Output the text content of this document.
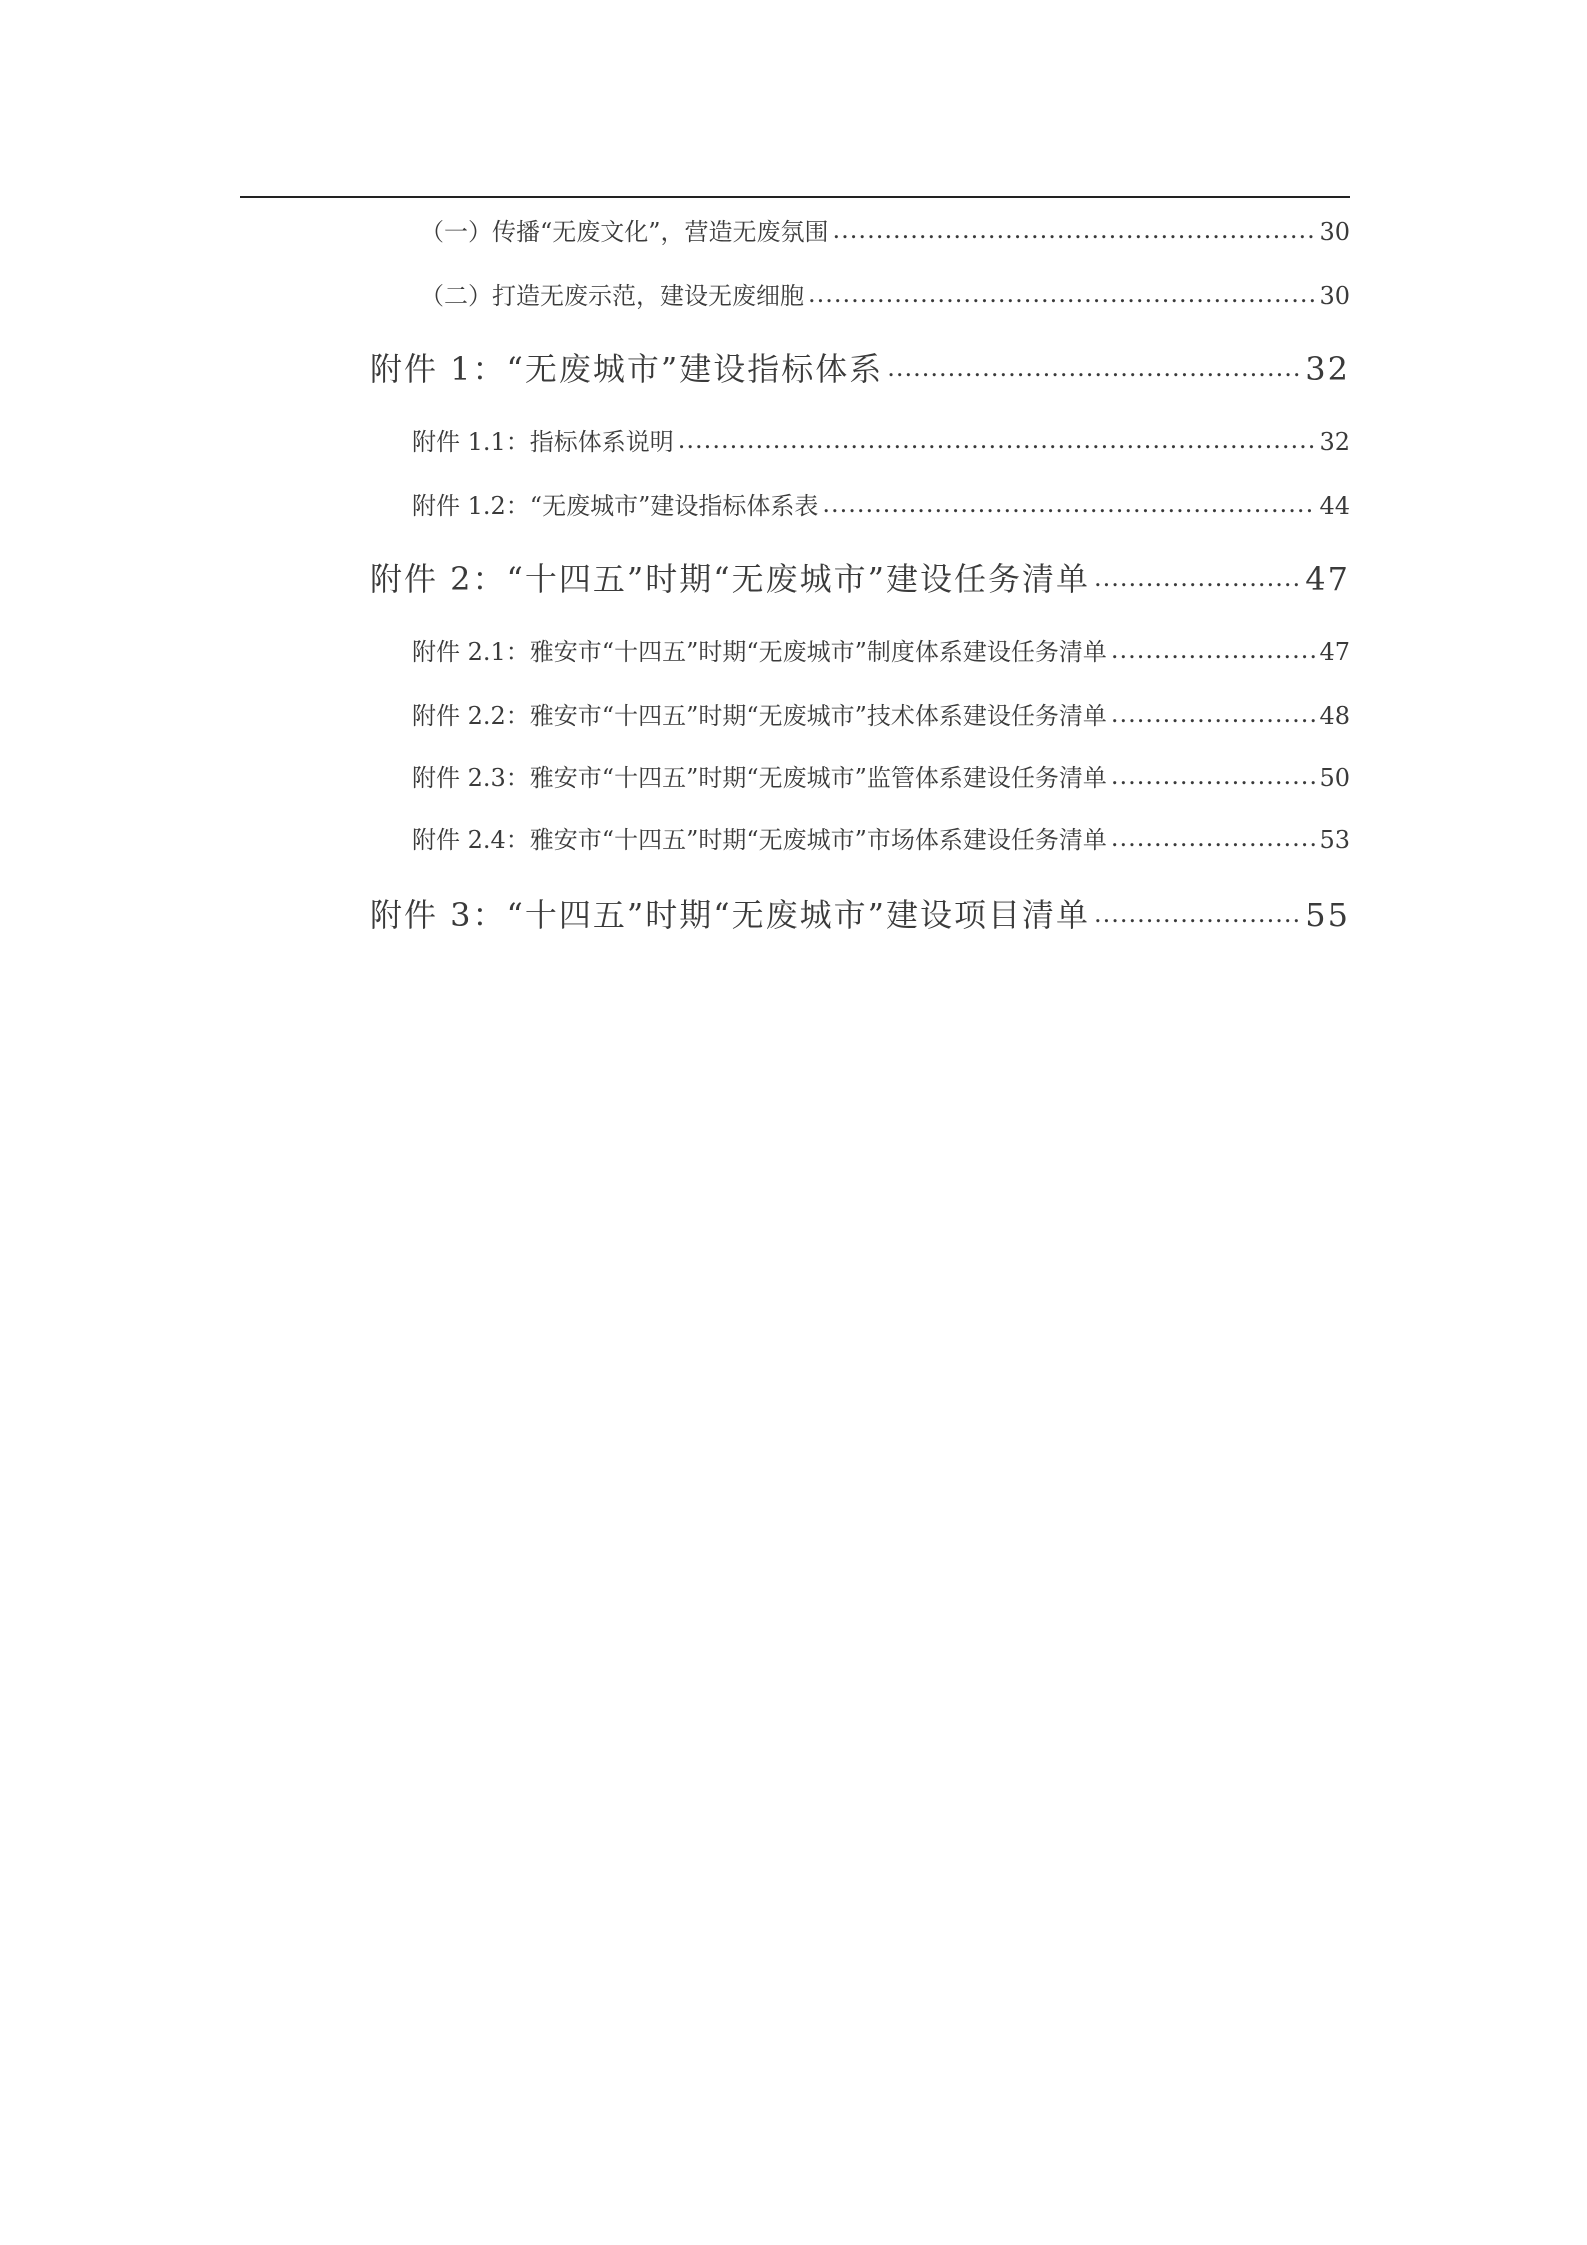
（一）传播“无废文化”，营造无废氛围 .....	30
（二）打造无废示范，建设无废细胞 .....	30
附件 1：“无废城市”建设指标体系 .....	32
附件 1.1：指标体系说明 .....	32
附件 1.2：“无废城市”建设指标体系表 .....	44
附件 2：“十四五”时期“无废城市”建设任务清单 .....	47
附件 2.1：雅安市“十四五”时期“无废城市”制度体系建设任务清单 .....	47
附件 2.2：雅安市“十四五”时期“无废城市”技术体系建设任务清单 .....	48
附件 2.3：雅安市“十四五”时期“无废城市”监管体系建设任务清单 .....	50
附件 2.4：雅安市“十四五”时期“无废城市”市场体系建设任务清单 .....	53
附件 3：“十四五”时期“无废城市”建设项目清单 .....	55
